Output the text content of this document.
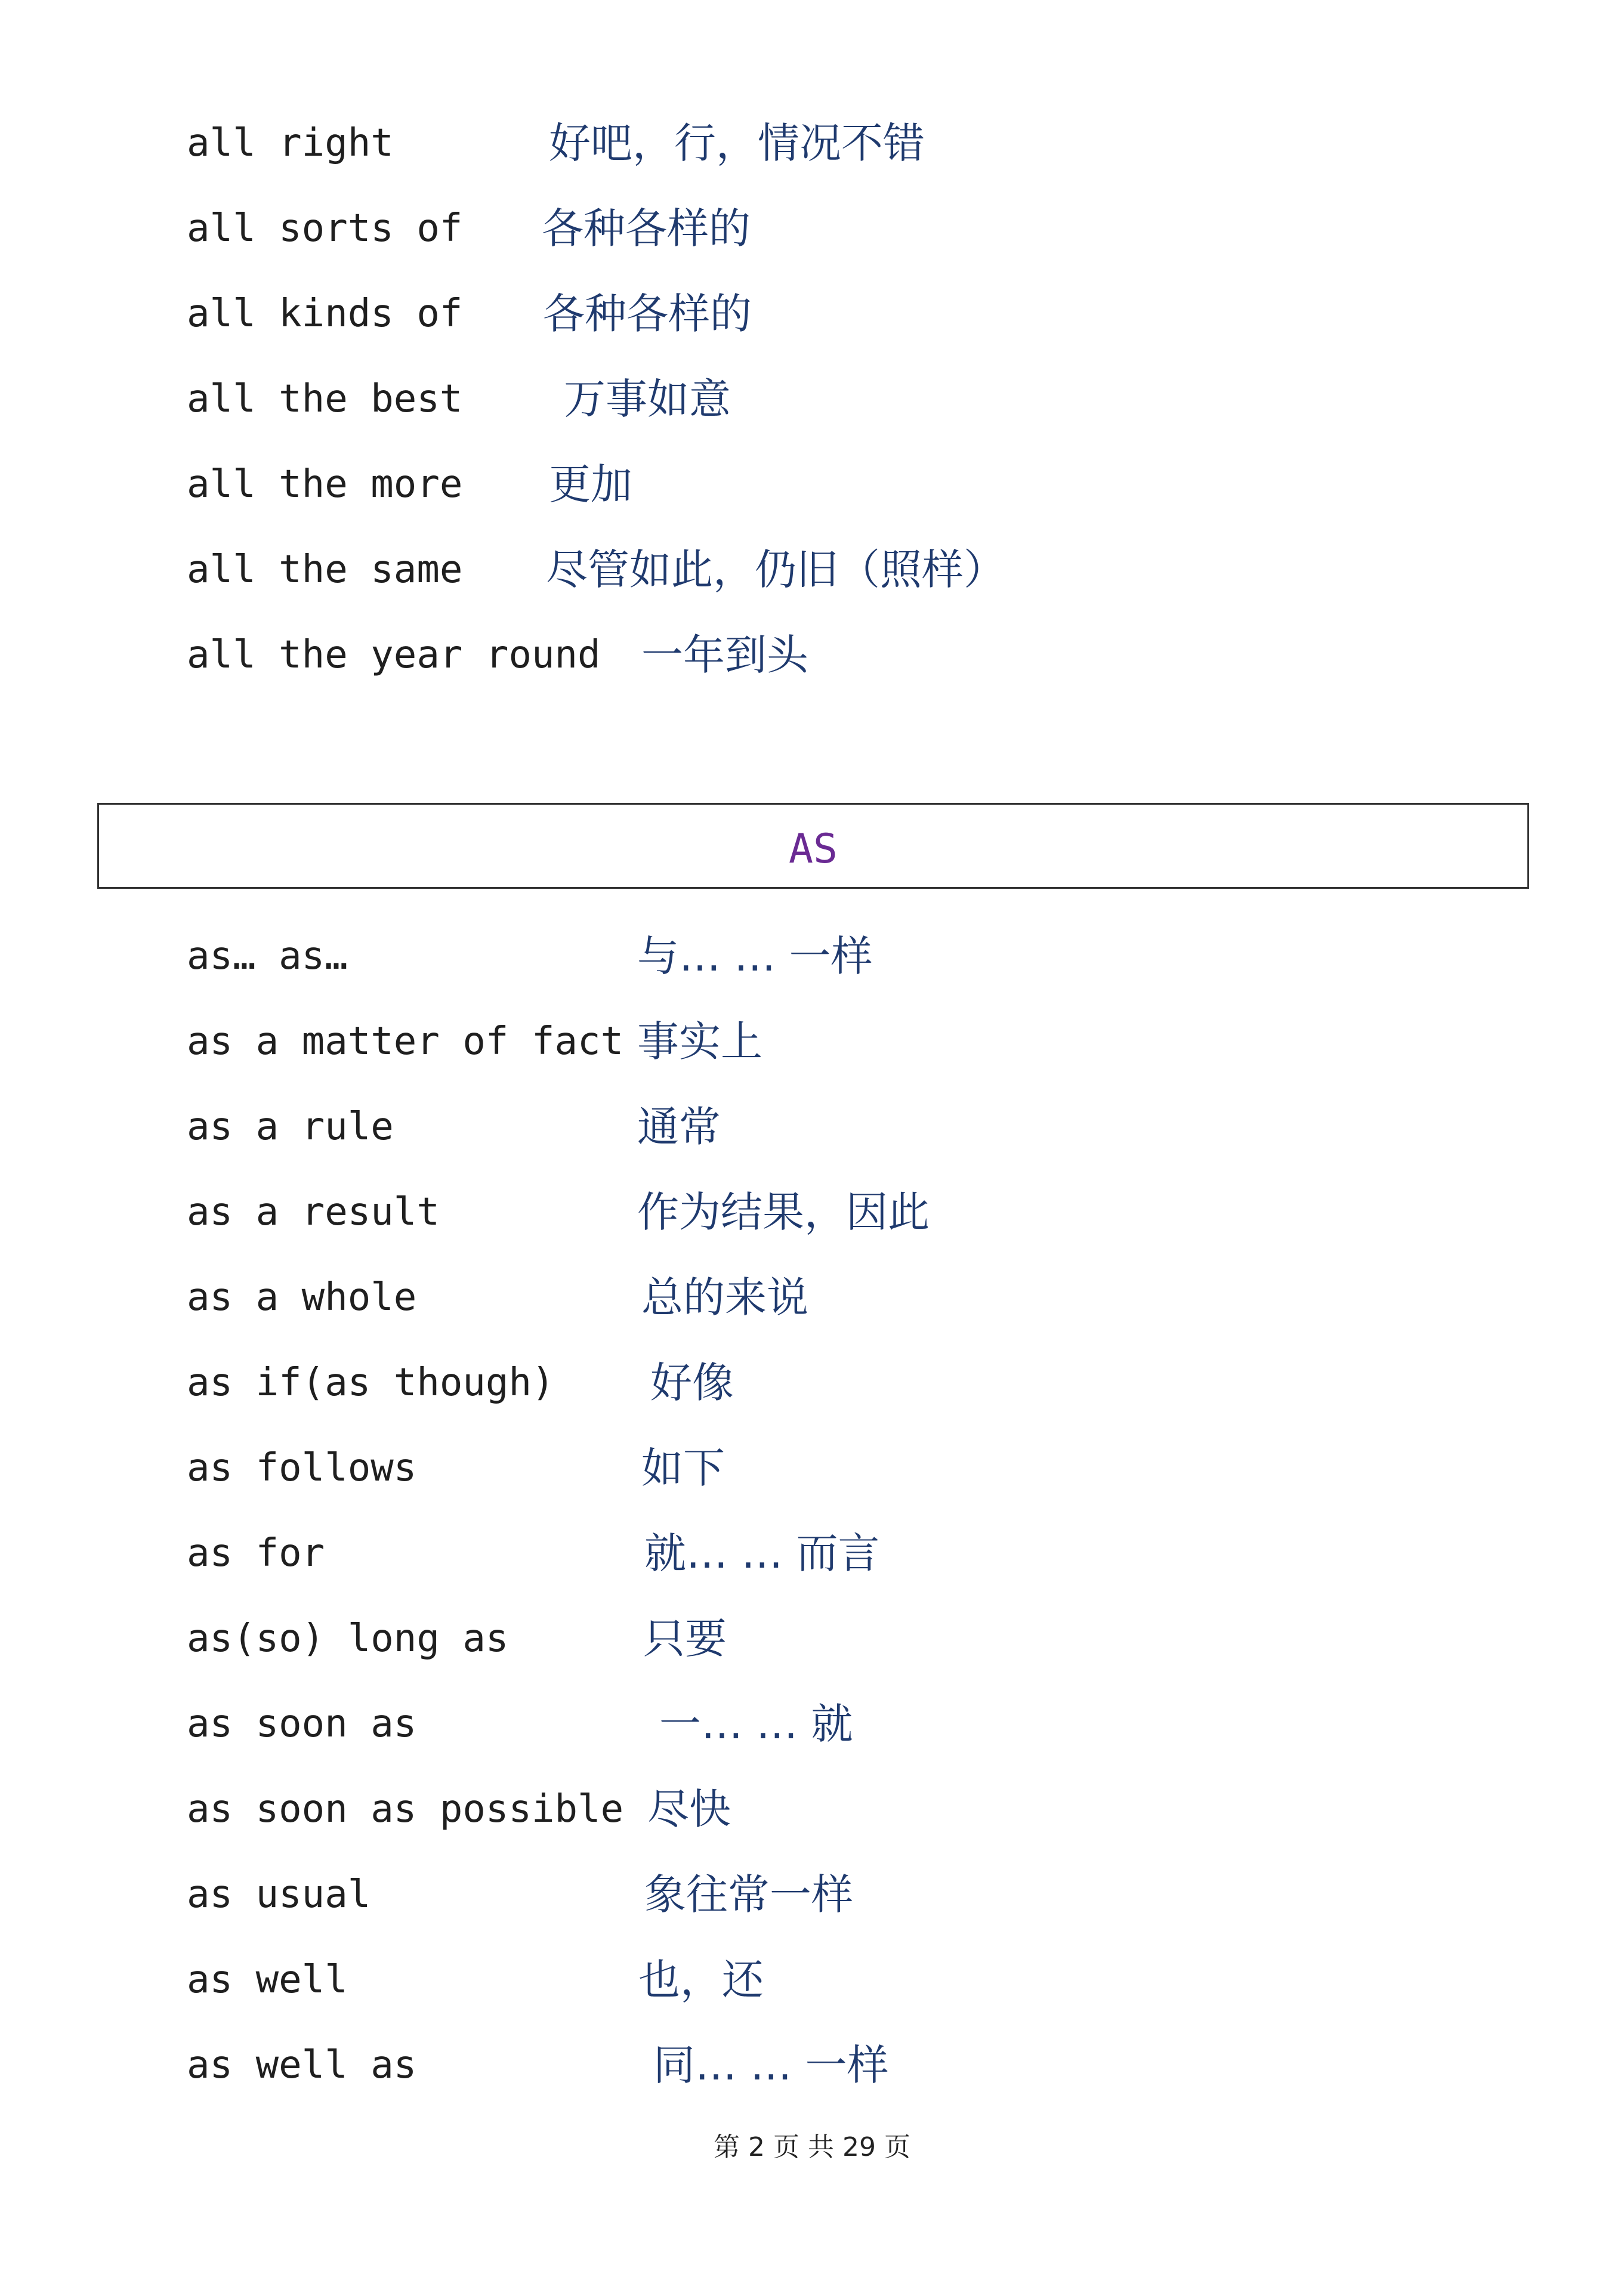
all right	好吧，行，情况不错
all sorts of 各种各样的
all kinds of 各种各样的
all the best 万事如意
all the more 更加
all the same 尽管如此，仍旧（照样）
all the year round 一年到头
AS
as… as…	与… … 一样
as a matter of fact 事实上
as a rule	通常
as a result	作为结果，因此
as a whole	总的来说
as if(as though) 好像
as follows	如下
as for	就… … 而言
as(so) long as	只要
as soon as	一… … 就
as soon as possible 尽快
as usual	象往常一样
as well	也，还
as well as	同… … 一样
第 2 页 共 29 页
